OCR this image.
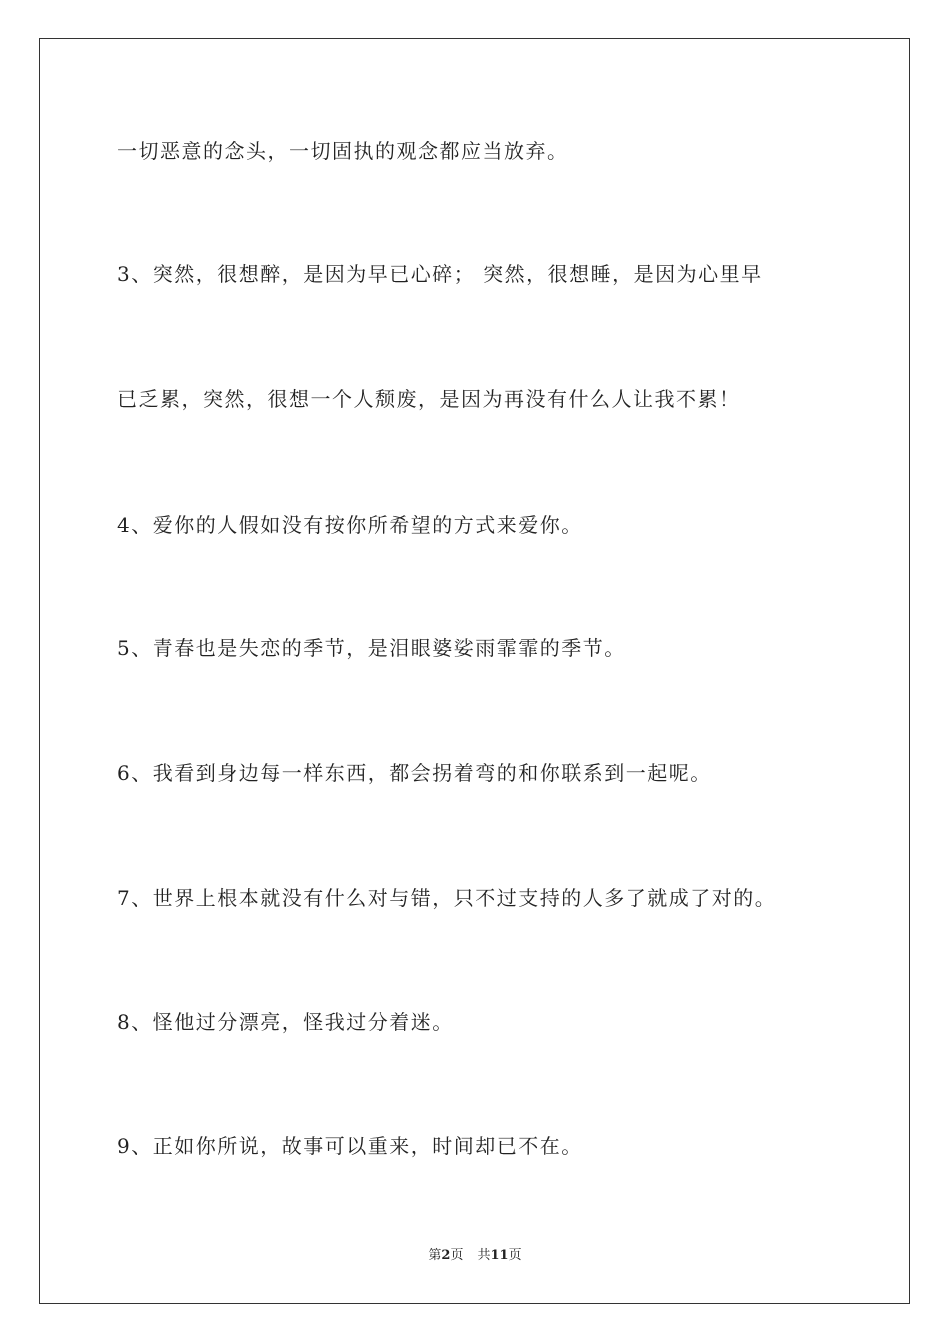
一切恶意的念头，一切固执的观念都应当放弃。
3、突然，很想醉，是因为早已心碎； 突然，很想睡，是因为心里早
已乏累，突然，很想一个人颓废，是因为再没有什么人让我不累！
4、爱你的人假如没有按你所希望的方式来爱你。
5、青春也是失恋的季节，是泪眼婆娑雨霏霏的季节。
6、我看到身边每一样东西，都会拐着弯的和你联系到一起呢。
7、世界上根本就没有什么对与错，只不过支持的人多了就成了对的。
8、怪他过分漂亮，怪我过分着迷。
9、正如你所说，故事可以重来，时间却已不在。
第2页 共11页
